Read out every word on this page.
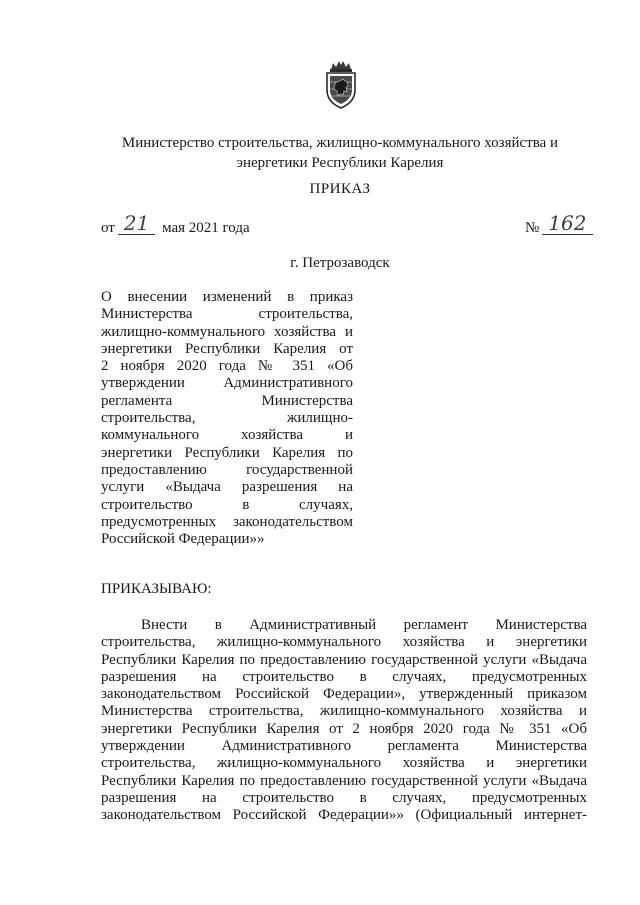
Министерство строительства, жилищно-коммунального хозяйства и
энергетики Республики Карелия
ПРИКАЗ
от 21 мая 2021 года	№ 162
г. Петрозаводск
О внесении изменений в приказ
Министерства строительства,
жилищно-коммунального хозяйства и
энергетики Республики Карелия от
2 ноября 2020 года № 351 «Об
утверждении Административного
регламента Министерства
строительства, жилищно-
коммунального хозяйства и
энергетики Республики Карелия по
предоставлению государственной
услуги «Выдача разрешения на
строительство в случаях,
предусмотренных законодательством
Российской Федерации»»
ПРИКАЗЫВАЮ:
Внести в Административный регламент Министерства
строительства, жилищно-коммунального хозяйства и энергетики
Республики Карелия по предоставлению государственной услуги «Выдача
разрешения на строительство в случаях, предусмотренных
законодательством Российской Федерации», утвержденный приказом
Министерства строительства, жилищно-коммунального хозяйства и
энергетики Республики Карелия от 2 ноября 2020 года № 351 «Об
утверждении Административного регламента Министерства
строительства, жилищно-коммунального хозяйства и энергетики
Республики Карелия по предоставлению государственной услуги «Выдача
разрешения на строительство в случаях, предусмотренных
законодательством Российской Федерации»» (Официальный интернет-
